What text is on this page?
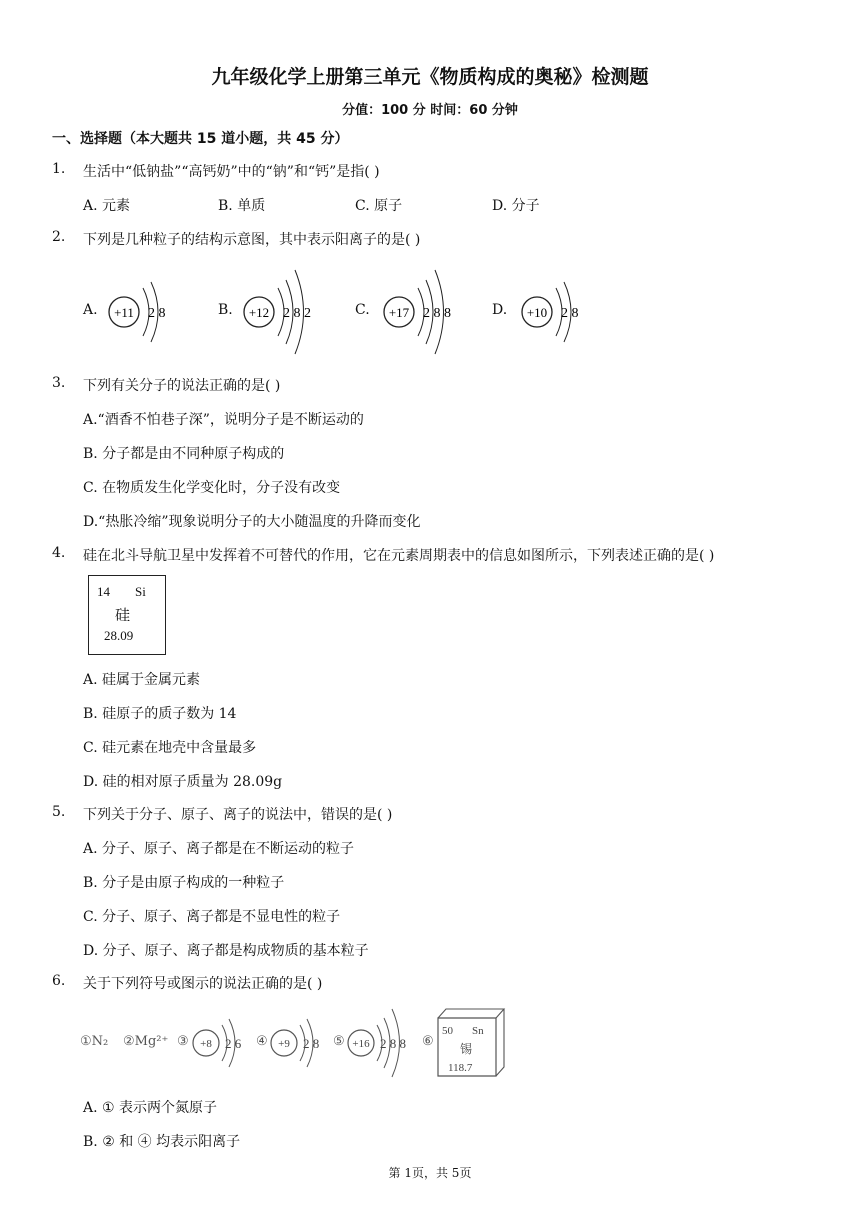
九年级化学上册第三单元《物质构成的奥秘》检测题
分值：100 分 时间：60 分钟
一、选择题（本大题共 15 道小题，共 45 分）
1. 生活中“低钠盐”“高钙奶”中的“钠”和“钙”是指( )
A. 元素	B. 单质	C. 原子	D. 分子
2. 下列是几种粒子的结构示意图，其中表示阳离子的是( )
A. +11 2 8	B. +12 2 8 2	C. +17 2 8 8	D. +10 2 8
3. 下列有关分子的说法正确的是( )
A.“酒香不怕巷子深”，说明分子是不断运动的
B. 分子都是由不同种原子构成的
C. 在物质发生化学变化时，分子没有改变
D.“热胀冷缩”现象说明分子的大小随温度的升降而变化
4. 硅在北斗导航卫星中发挥着不可替代的作用，它在元素周期表中的信息如图所示，下列表述正确的是( )
14 Si
硅
28.09
A. 硅属于金属元素
B. 硅原子的质子数为 14
C. 硅元素在地壳中含量最多
D. 硅的相对原子质量为 28.09g
5. 下列关于分子、原子、离子的说法中，错误的是( )
A. 分子、原子、离子都是在不断运动的粒子
B. 分子是由原子构成的一种粒子
C. 分子、原子、离子都是不显电性的粒子
D. 分子、原子、离子都是构成物质的基本粒子
6. 关于下列符号或图示的说法正确的是( )
①N₂ ②Mg²⁺ ③ +8 2 6 ④ +9 2 8 ⑤ +16 2 8 8 ⑥
50 Sn
锡
118.7
A. ① 表示两个氮原子
B. ② 和 ④ 均表示阳离子
第 1页，共 5页
